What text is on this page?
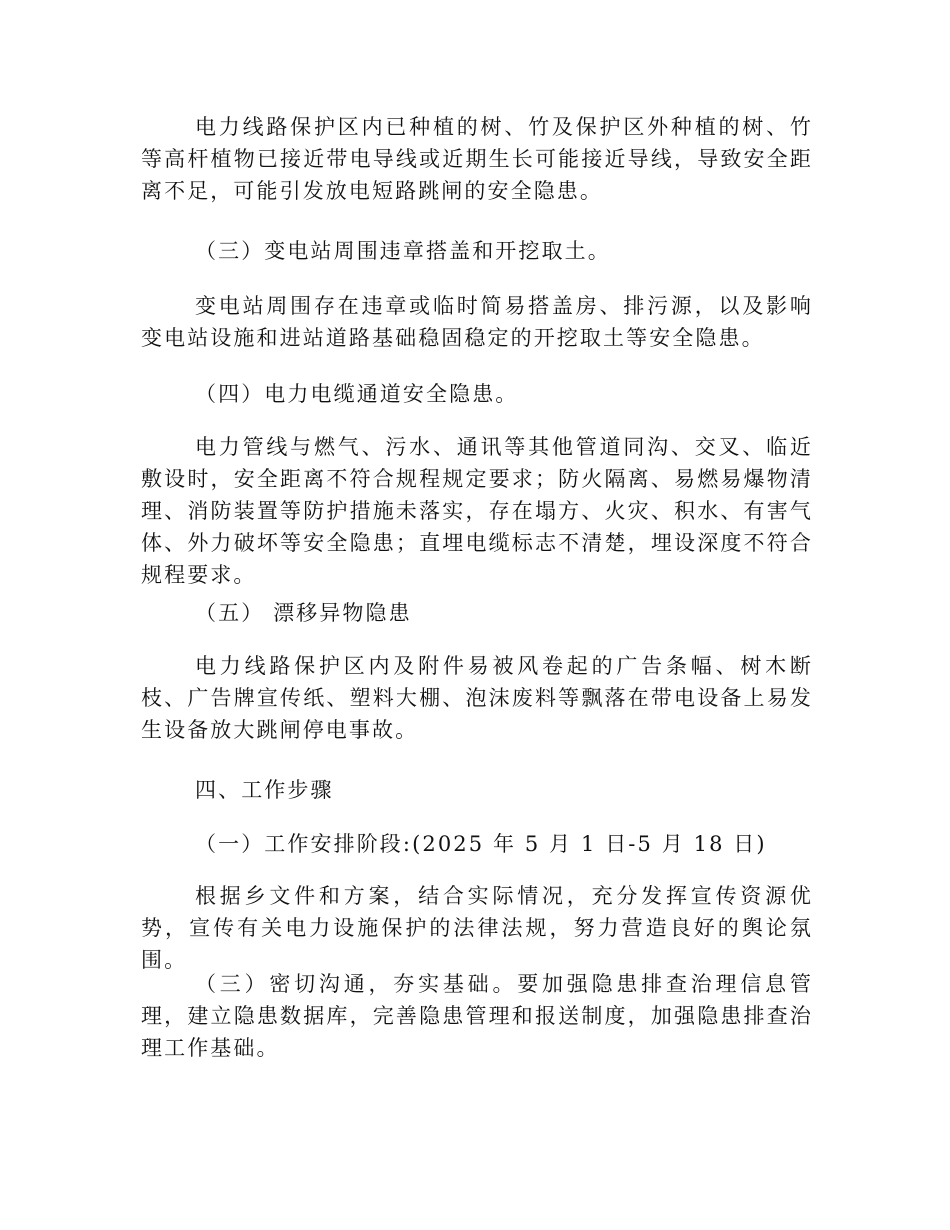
电力线路保护区内已种植的树、竹及保护区外种植的树、竹等高杆植物已接近带电导线或近期生长可能接近导线，导致安全距离不足，可能引发放电短路跳闸的安全隐患。

（三）变电站周围违章搭盖和开挖取土。

变电站周围存在违章或临时简易搭盖房、排污源，以及影响变电站设施和进站道路基础稳固稳定的开挖取土等安全隐患。

（四）电力电缆通道安全隐患。

电力管线与燃气、污水、通讯等其他管道同沟、交叉、临近敷设时，安全距离不符合规程规定要求；防火隔离、易燃易爆物清理、消防装置等防护措施未落实，存在塌方、火灾、积水、有害气体、外力破坏等安全隐患；直埋电缆标志不清楚，埋设深度不符合规程要求。

（五） 漂移异物隐患

电力线路保护区内及附件易被风卷起的广告条幅、树木断枝、广告牌宣传纸、塑料大棚、泡沫废料等飘落在带电设备上易发生设备放大跳闸停电事故。

四、工作步骤

（一）工作安排阶段:(2025 年 5 月 1 日-5 月 18 日)

根据乡文件和方案，结合实际情况，充分发挥宣传资源优势，宣传有关电力设施保护的法律法规，努力营造良好的舆论氛围。

（三）密切沟通，夯实基础。要加强隐患排查治理信息管理，建立隐患数据库，完善隐患管理和报送制度，加强隐患排查治理工作基础。
